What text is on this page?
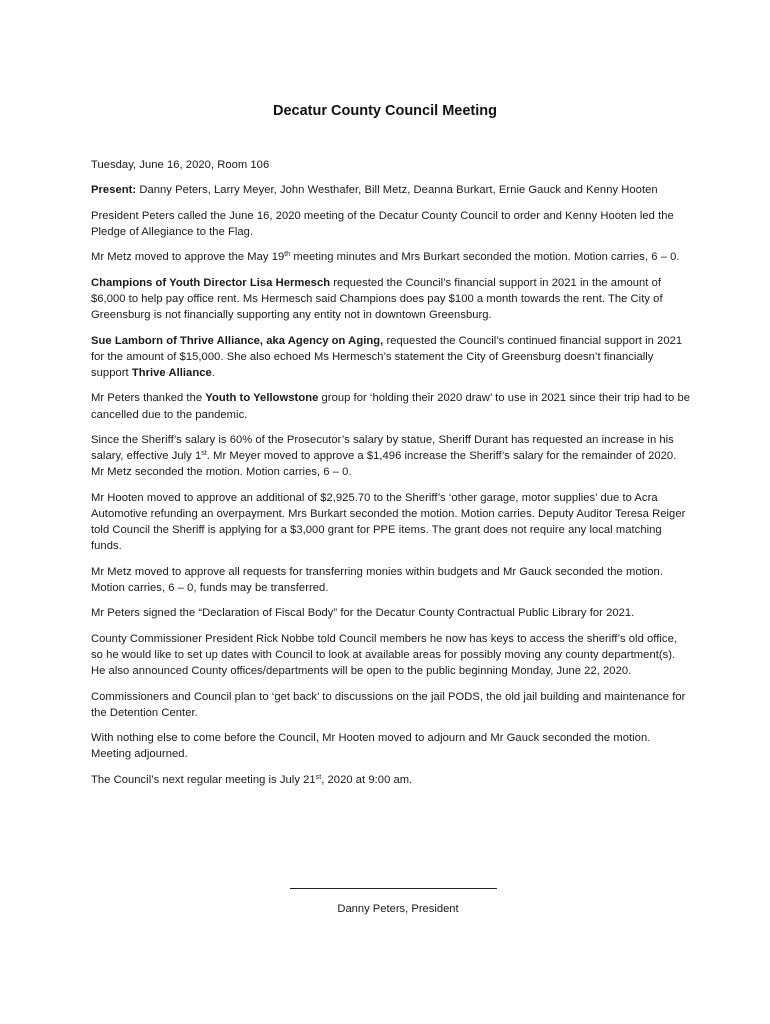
Decatur County Council Meeting

Tuesday, June 16, 2020, Room 106

Present: Danny Peters, Larry Meyer, John Westhafer, Bill Metz, Deanna Burkart, Ernie Gauck and Kenny Hooten

President Peters called the June 16, 2020 meeting of the Decatur County Council to order and Kenny Hooten led the Pledge of Allegiance to the Flag.

Mr Metz moved to approve the May 19th meeting minutes and Mrs Burkart seconded the motion. Motion carries, 6 – 0.

Champions of Youth Director Lisa Hermesch requested the Council’s financial support in 2021 in the amount of $6,000 to help pay office rent. Ms Hermesch said Champions does pay $100 a month towards the rent. The City of Greensburg is not financially supporting any entity not in downtown Greensburg.

Sue Lamborn of Thrive Alliance, aka Agency on Aging, requested the Council’s continued financial support in 2021 for the amount of $15,000. She also echoed Ms Hermesch’s statement the City of Greensburg doesn’t financially support Thrive Alliance.

Mr Peters thanked the Youth to Yellowstone group for ‘holding their 2020 draw’ to use in 2021 since their trip had to be cancelled due to the pandemic.

Since the Sheriff’s salary is 60% of the Prosecutor’s salary by statue, Sheriff Durant has requested an increase in his salary, effective July 1st. Mr Meyer moved to approve a $1,496 increase the Sheriff’s salary for the remainder of 2020. Mr Metz seconded the motion. Motion carries, 6 – 0.

Mr Hooten moved to approve an additional of $2,925.70 to the Sheriff’s ‘other garage, motor supplies’ due to Acra Automotive refunding an overpayment. Mrs Burkart seconded the motion. Motion carries. Deputy Auditor Teresa Reiger told Council the Sheriff is applying for a $3,000 grant for PPE items. The grant does not require any local matching funds.

Mr Metz moved to approve all requests for transferring monies within budgets and Mr Gauck seconded the motion. Motion carries, 6 – 0, funds may be transferred.

Mr Peters signed the “Declaration of Fiscal Body” for the Decatur County Contractual Public Library for 2021.

County Commissioner President Rick Nobbe told Council members he now has keys to access the sheriff’s old office, so he would like to set up dates with Council to look at available areas for possibly moving any county department(s). He also announced County offices/departments will be open to the public beginning Monday, June 22, 2020.

Commissioners and Council plan to ‘get back’ to discussions on the jail PODS, the old jail building and maintenance for the Detention Center.

With nothing else to come before the Council, Mr Hooten moved to adjourn and Mr Gauck seconded the motion. Meeting adjourned.

The Council’s next regular meeting is July 21st, 2020 at 9:00 am.

Danny Peters, President
